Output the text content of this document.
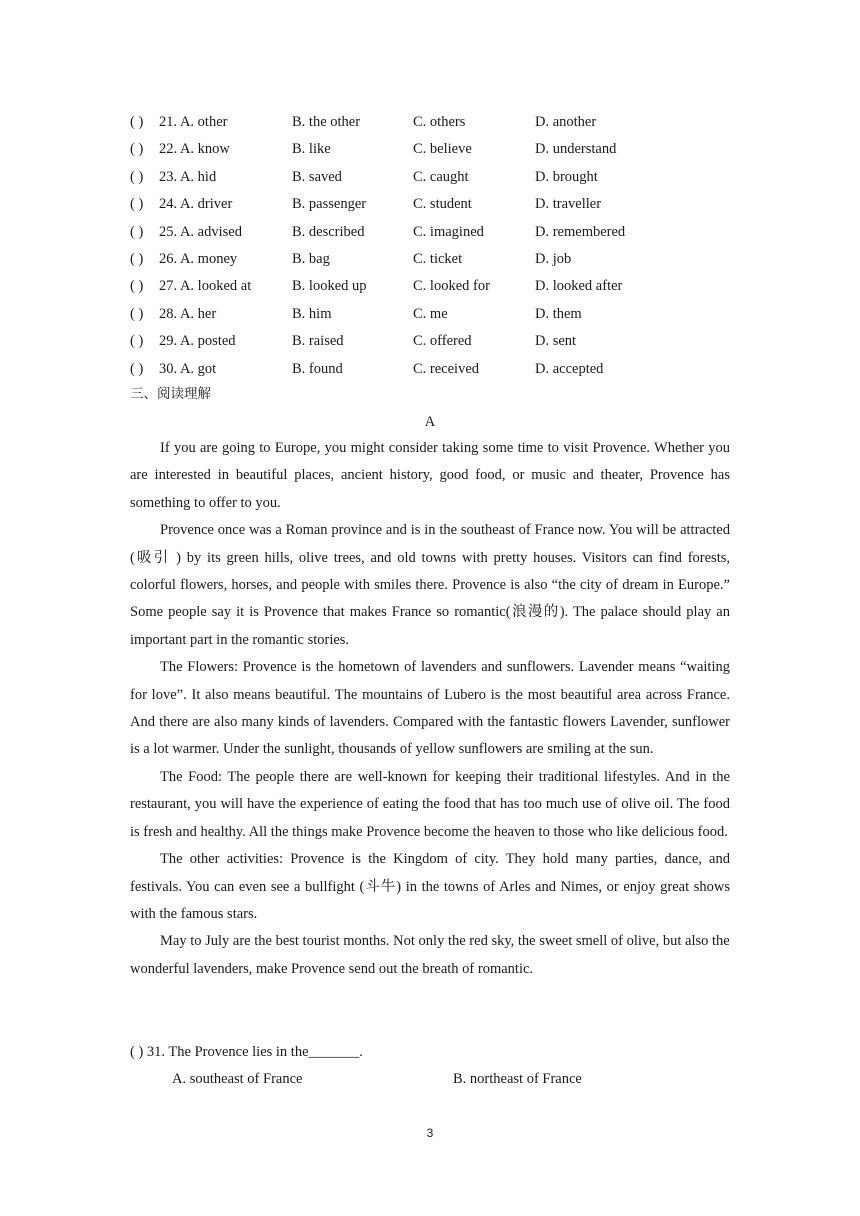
( ) 21. A. other	B. the other	C. others	D. another
( ) 22. A. know	B. like	C. believe	D. understand
( ) 23. A. hid	B. saved	C. caught	D. brought
( ) 24. A. driver	B. passenger	C. student	D. traveller
( ) 25. A. advised	B. described	C. imagined	D. remembered
( ) 26. A. money	B. bag	C. ticket	D. job
( ) 27. A. looked at	B. looked up	C. looked for	D. looked after
( ) 28. A. her	B. him	C. me	D. them
( ) 29. A. posted	B. raised	C. offered	D. sent
( ) 30. A. got	B. found	C. received	D. accepted
三、阅读理解
A

If you are going to Europe, you might consider taking some time to visit Provence. Whether you are interested in beautiful places, ancient history, good food, or music and theater, Provence has something to offer to you.

Provence once was a Roman province and is in the southeast of France now. You will be attracted (吸引 ) by its green hills, olive trees, and old towns with pretty houses. Visitors can find forests, colorful flowers, horses, and people with smiles there. Provence is also “the city of dream in Europe.” Some people say it is Provence that makes France so romantic(浪漫的). The palace should play an important part in the romantic stories.

The Flowers: Provence is the hometown of lavenders and sunflowers. Lavender means “waiting for love”. It also means beautiful. The mountains of Lubero is the most beautiful area across France. And there are also many kinds of lavenders. Compared with the fantastic flowers Lavender, sunflower is a lot warmer. Under the sunlight, thousands of yellow sunflowers are smiling at the sun.

The Food: The people there are well-known for keeping their traditional lifestyles. And in the restaurant, you will have the experience of eating the food that has too much use of olive oil. The food is fresh and healthy. All the things make Provence become the heaven to those who like delicious food.

The other activities: Provence is the Kingdom of city. They hold many parties, dance, and festivals. You can even see a bullfight (斗牛) in the towns of Arles and Nimes, or enjoy great shows with the famous stars.

May to July are the best tourist months. Not only the red sky, the sweet smell of olive, but also the wonderful lavenders, make Provence send out the breath of romantic.

( ) 31. The Provence lies in the_______.
A. southeast of France	B. northeast of France
3
